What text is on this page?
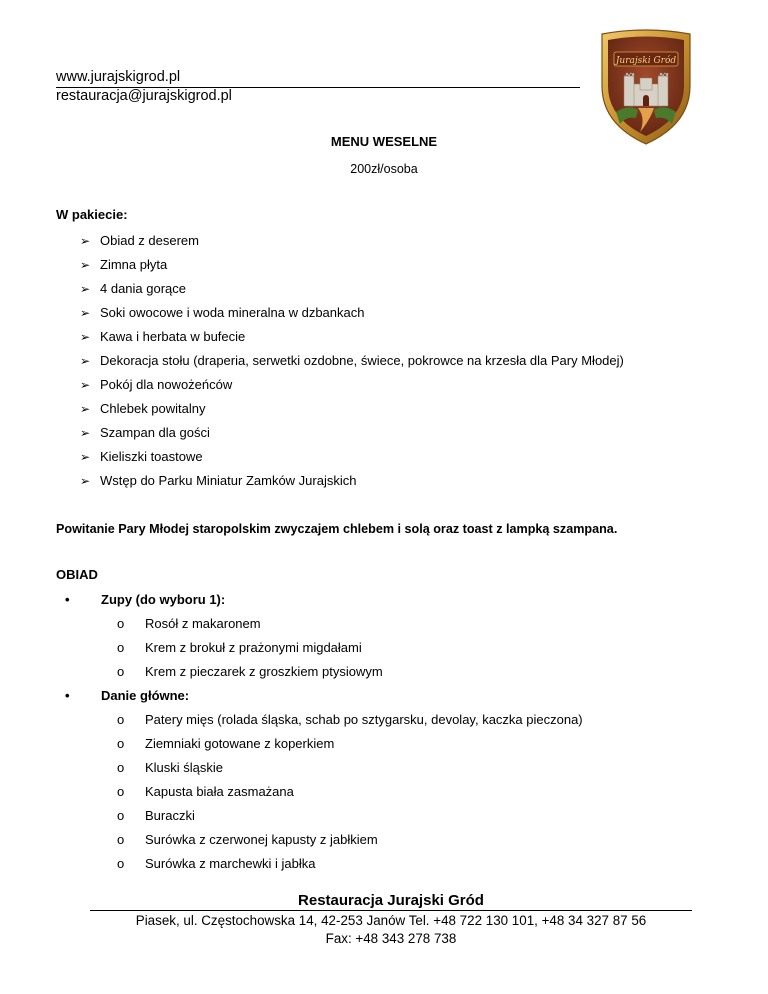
www.jurajskigrod.pl
restauracja@jurajskigrod.pl
Jurajski Gród
MENU WESELNE
200zł/osoba
W pakiecie:
➢ Obiad z deserem
➢ Zimna płyta
➢ 4 dania gorące
➢ Soki owocowe i woda mineralna w dzbankach
➢ Kawa i herbata w bufecie
➢ Dekoracja stołu (draperia, serwetki ozdobne, świece, pokrowce na krzesła dla Pary Młodej)
➢ Pokój dla nowożeńców
➢ Chlebek powitalny
➢ Szampan dla gości
➢ Kieliszki toastowe
➢ Wstęp do Parku Miniatur Zamków Jurajskich
Powitanie Pary Młodej staropolskim zwyczajem chlebem i solą oraz toast z lampką szampana.
OBIAD
• Zupy (do wyboru 1):
o Rosół z makaronem
o Krem z brokuł z prażonymi migdałami
o Krem z pieczarek z groszkiem ptysiowym
• Danie główne:
o Patery mięs (rolada śląska, schab po sztygarsku, devolay, kaczka pieczona)
o Ziemniaki gotowane z koperkiem
o Kluski śląskie
o Kapusta biała zasmażana
o Buraczki
o Surówka z czerwonej kapusty z jabłkiem
o Surówka z marchewki i jabłka
Restauracja Jurajski Gród
Piasek, ul. Częstochowska 14, 42-253 Janów Tel. +48 722 130 101, +48 34 327 87 56
Fax: +48 343 278 738
